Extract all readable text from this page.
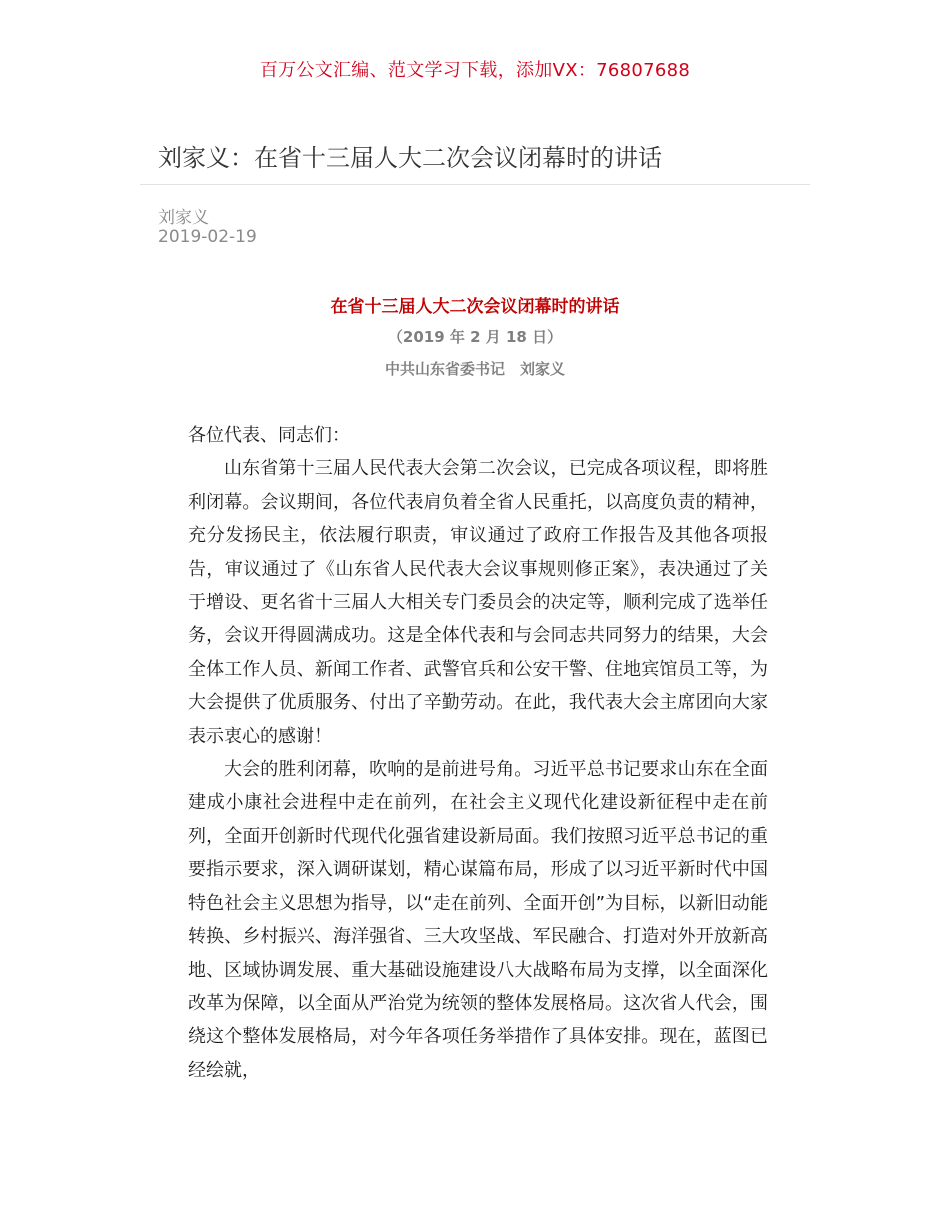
百万公文汇编、范文学习下载，添加VX：76807688
刘家义：在省十三届人大二次会议闭幕时的讲话
刘家义
2019-02-19
在省十三届人大二次会议闭幕时的讲话
（2019 年 2 月 18 日）
中共山东省委书记　刘家义

各位代表、同志们：

山东省第十三届人民代表大会第二次会议，已完成各项议程，即将胜利闭幕。会议期间，各位代表肩负着全省人民重托，以高度负责的精神，充分发扬民主，依法履行职责，审议通过了政府工作报告及其他各项报告，审议通过了《山东省人民代表大会议事规则修正案》，表决通过了关于增设、更名省十三届人大相关专门委员会的决定等，顺利完成了选举任务，会议开得圆满成功。这是全体代表和与会同志共同努力的结果，大会全体工作人员、新闻工作者、武警官兵和公安干警、住地宾馆员工等，为大会提供了优质服务、付出了辛勤劳动。在此，我代表大会主席团向大家表示衷心的感谢！

大会的胜利闭幕，吹响的是前进号角。习近平总书记要求山东在全面建成小康社会进程中走在前列，在社会主义现代化建设新征程中走在前列，全面开创新时代现代化强省建设新局面。我们按照习近平总书记的重要指示要求，深入调研谋划，精心谋篇布局，形成了以习近平新时代中国特色社会主义思想为指导，以“走在前列、全面开创”为目标，以新旧动能转换、乡村振兴、海洋强省、三大攻坚战、军民融合、打造对外开放新高地、区域协调发展、重大基础设施建设八大战略布局为支撑，以全面深化改革为保障，以全面从严治党为统领的整体发展格局。这次省人代会，围绕这个整体发展格局，对今年各项任务举措作了具体安排。现在，蓝图已经绘就，
